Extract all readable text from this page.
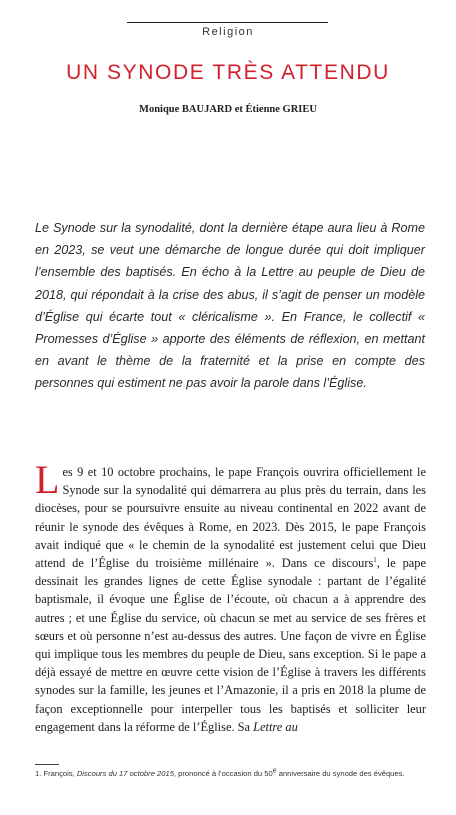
Religion
UN SYNODE TRÈS ATTENDU
Monique BAUJARD et Étienne GRIEU
Le Synode sur la synodalité, dont la dernière étape aura lieu à Rome en 2023, se veut une démarche de longue durée qui doit impliquer l’ensemble des baptisés. En écho à la Lettre au peuple de Dieu de 2018, qui répondait à la crise des abus, il s’agit de penser un modèle d’Église qui écarte tout « cléricalisme ». En France, le collectif « Promesses d’Église » apporte des éléments de réflexion, en mettant en avant le thème de la fraternité et la prise en compte des personnes qui estiment ne pas avoir la parole dans l’Église.
Les 9 et 10 octobre prochains, le pape François ouvrira officiellement le Synode sur la synodalité qui démarrera au plus près du terrain, dans les diocèses, pour se poursuivre ensuite au niveau continental en 2022 avant de réunir le synode des évêques à Rome, en 2023. Dès 2015, le pape François avait indiqué que « le chemin de la synodalité est justement celui que Dieu attend de l’Église du troisième millénaire ». Dans ce discours$^1$, le pape dessinait les grandes lignes de cette Église synodale : partant de l’égalité baptismale, il évoque une Église de l’écoute, où chacun a à apprendre des autres ; et une Église du service, où chacun se met au service de ses frères et sœurs et où personne n’est au-dessus des autres. Une façon de vivre en Église qui implique tous les membres du peuple de Dieu, sans exception. Si le pape a déjà essayé de mettre en œuvre cette vision de l’Église à travers les différents synodes sur la famille, les jeunes et l’Amazonie, il a pris en 2018 la plume de façon exceptionnelle pour interpeller tous les baptisés et solliciter leur engagement dans la réforme de l’Église. Sa Lettre au
1. François, Discours du 17 octobre 2015, prononcé à l’occasion du 50e anniversaire du synode des évêques.
